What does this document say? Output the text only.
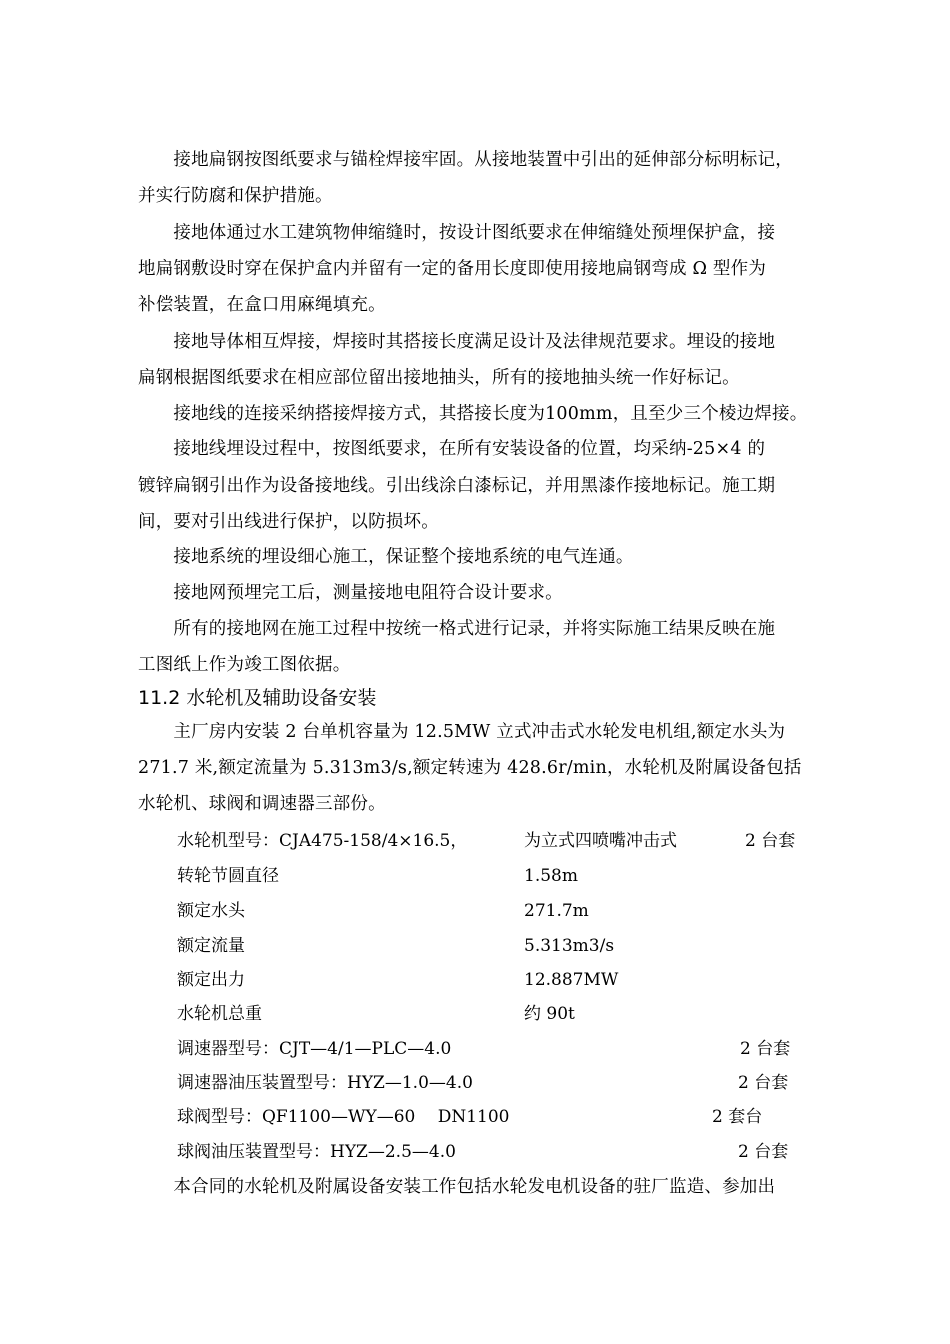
　　接地扁钢按图纸要求与锚栓焊接牢固。从接地装置中引出的延伸部分标明标记，
并实行防腐和保护措施。
　　接地体通过水工建筑物伸缩缝时，按设计图纸要求在伸缩缝处预埋保护盒，接
地扁钢敷设时穿在保护盒内并留有一定的备用长度即使用接地扁钢弯成 Ω 型作为
补偿装置，在盒口用麻绳填充。
　　接地导体相互焊接，焊接时其搭接长度满足设计及法律规范要求。埋设的接地
扁钢根据图纸要求在相应部位留出接地抽头，所有的接地抽头统一作好标记。
　　接地线的连接采纳搭接焊接方式，其搭接长度为100mm，且至少三个棱边焊接。
　　接地线埋设过程中，按图纸要求，在所有安装设备的位置，均采纳-25×4 的
镀锌扁钢引出作为设备接地线。引出线涂白漆标记，并用黑漆作接地标记。施工期
间，要对引出线进行保护，以防损坏。
　　接地系统的埋设细心施工，保证整个接地系统的电气连通。
　　接地网预埋完工后，测量接地电阻符合设计要求。
　　所有的接地网在施工过程中按统一格式进行记录，并将实际施工结果反映在施
工图纸上作为竣工图依据。
11.2 水轮机及辅助设备安装
　　主厂房内安装 2 台单机容量为 12.5MW 立式冲击式水轮发电机组,额定水头为
271.7 米,额定流量为 5.313m3/s,额定转速为 428.6r/min，水轮机及附属设备包括
水轮机、球阀和调速器三部份。
水轮机型号：CJA475-158/4×16.5，	为立式四喷嘴冲击式	2 台套
转轮节圆直径	1.58m
额定水头	271.7m
额定流量	5.313m3/s
额定出力	12.887MW
水轮机总重	约 90t
调速器型号：CJT—4/1—PLC—4.0	2 台套
调速器油压装置型号：HYZ—1.0—4.0	2 台套
球阀型号：QF1100—WY—60　 DN1100	2 套台
球阀油压装置型号：HYZ—2.5—4.0	2 台套
　　本合同的水轮机及附属设备安装工作包括水轮发电机设备的驻厂监造、参加出
